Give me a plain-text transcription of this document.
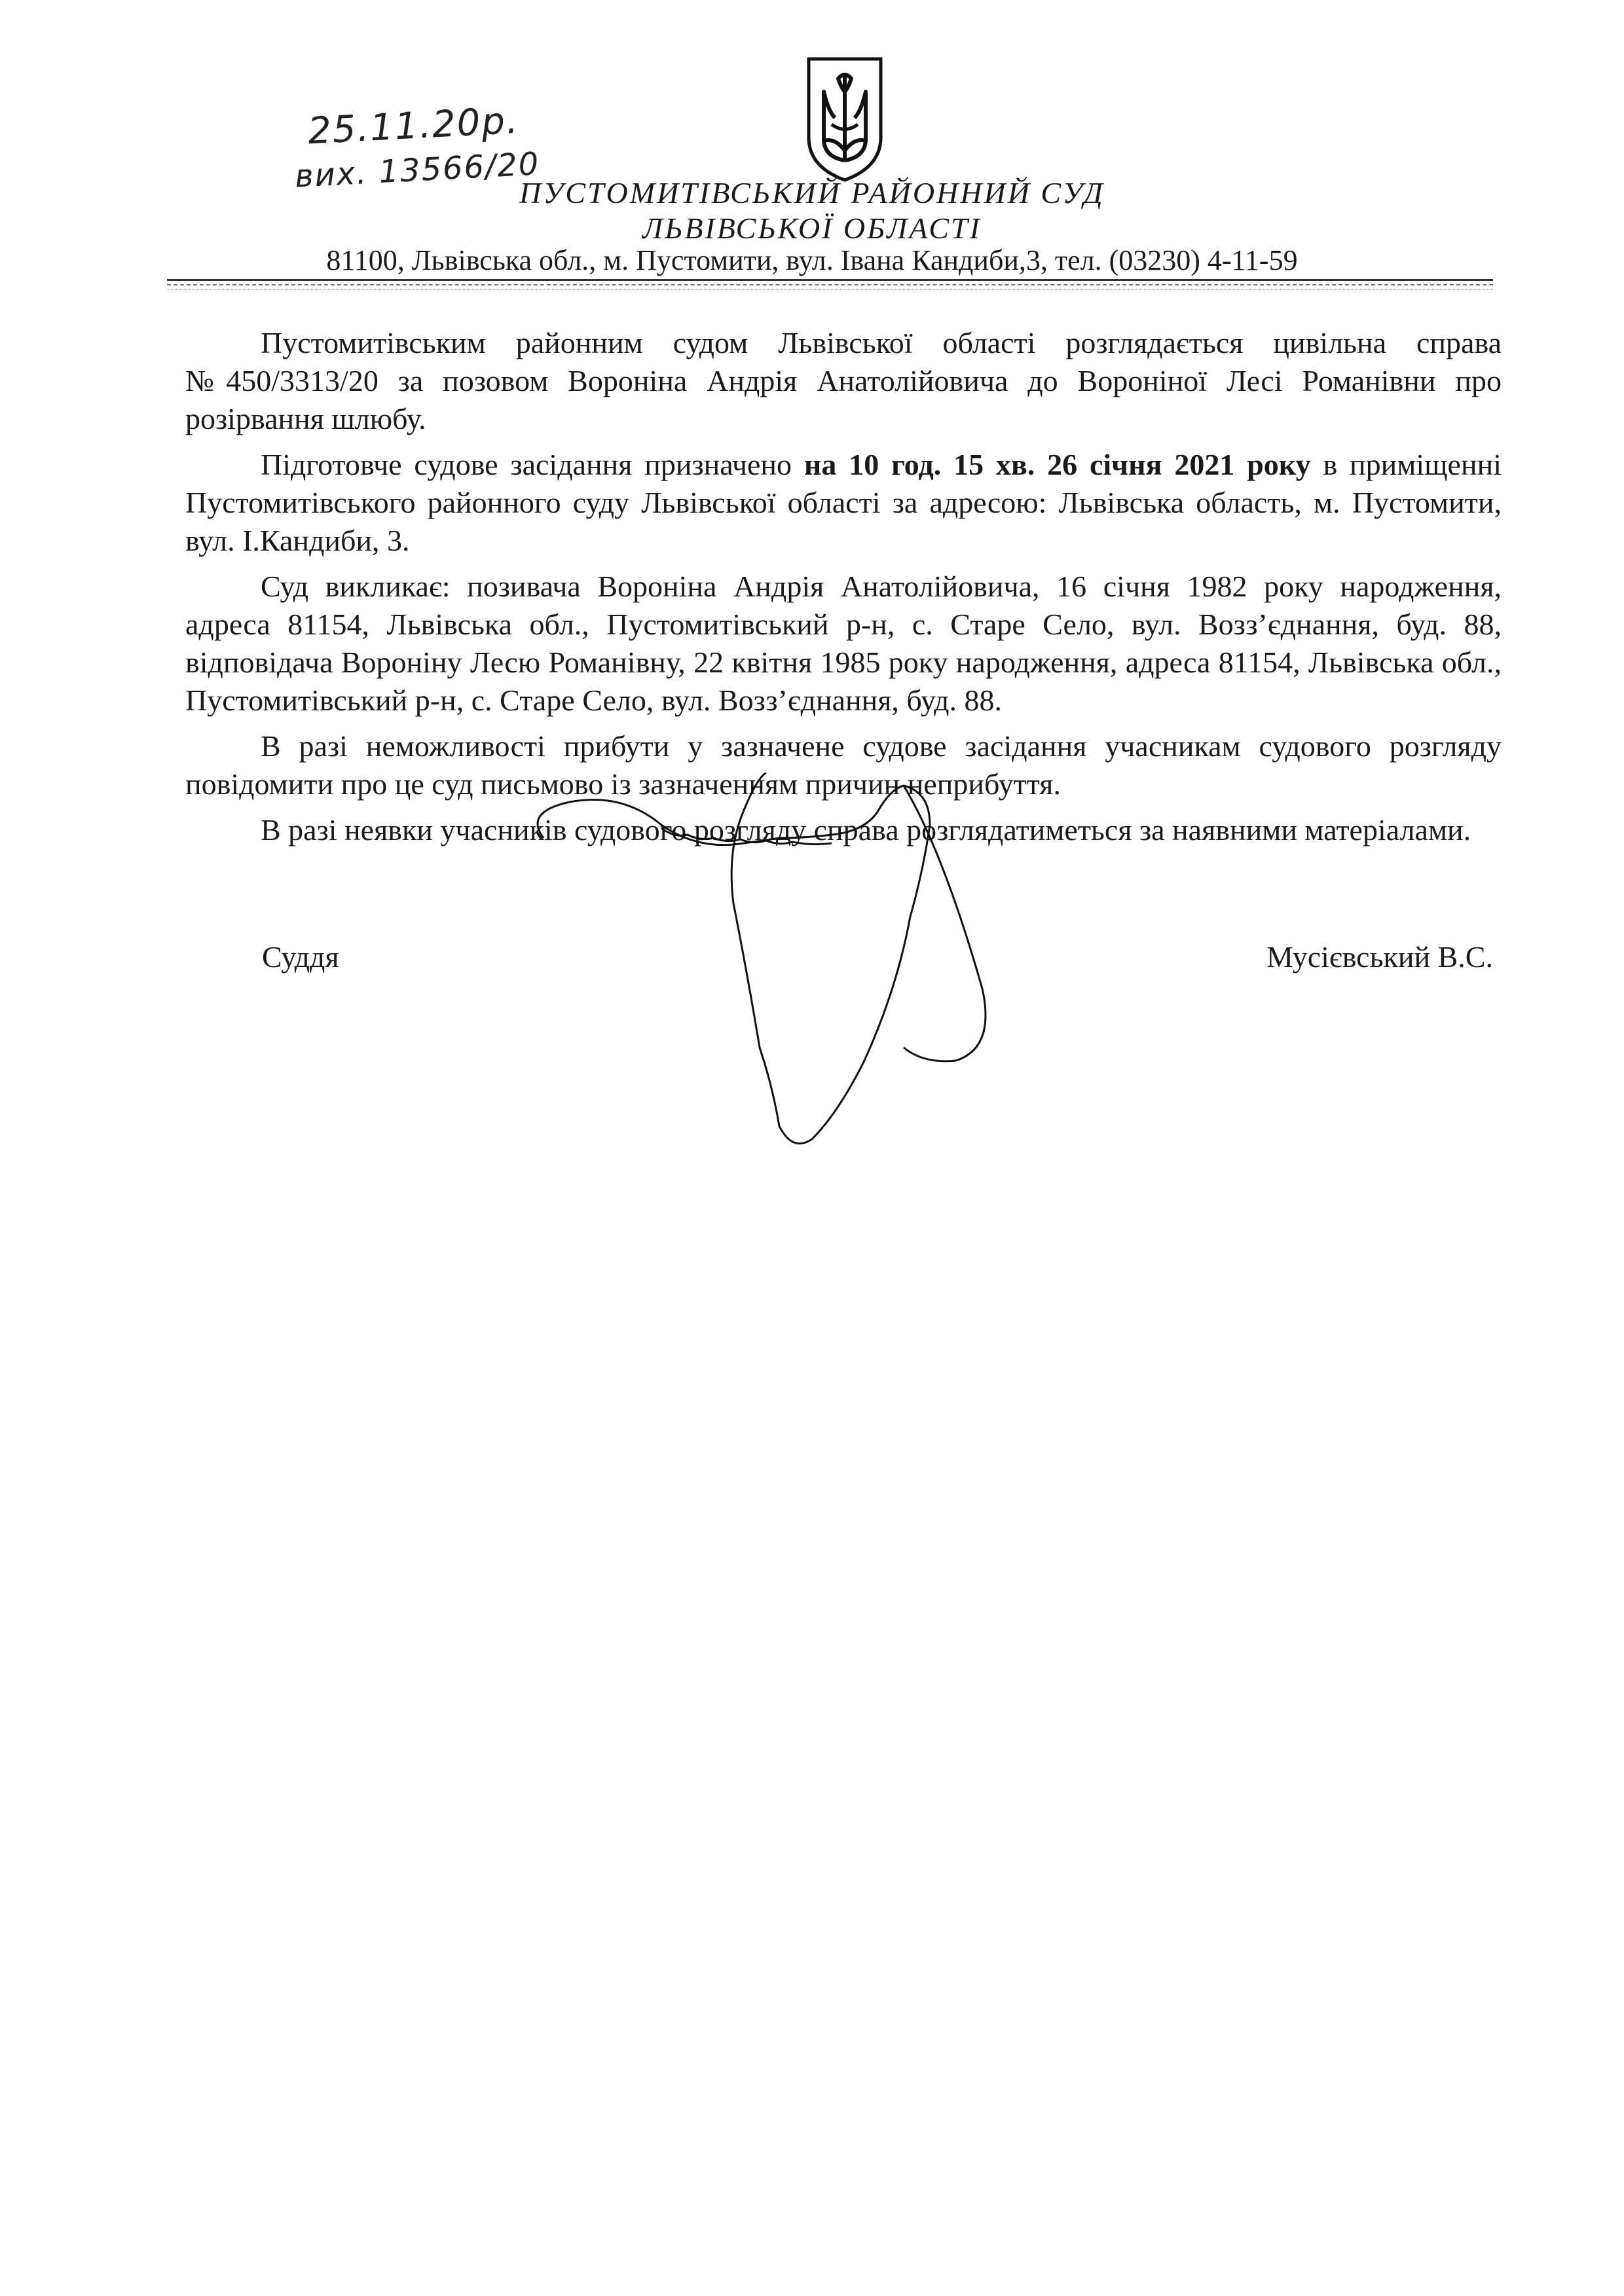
25.11.20р.
вих. 13566/20
ПУСТОМИТІВСЬКИЙ РАЙОННИЙ СУД
ЛЬВІВСЬКОЇ ОБЛАСТІ
81100, Львівська обл., м. Пустомити, вул. Івана Кандиби,3, тел. (03230) 4-11-59

Пустомитівським районним судом Львівської області розглядається цивільна справа №450/3313/20 за позовом Вороніна Андрія Анатолійовича до Вороніної Лесі Романівни про розірвання шлюбу.

Підготовче судове засідання призначено на 10 год. 15 хв. 26 січня 2021 року в приміщенні Пустомитівського районного суду Львівської області за адресою: Львівська область, м. Пустомити, вул. І.Кандиби, 3.

Суд викликає: позивача Вороніна Андрія Анатолійовича, 16 січня 1982 року народження, адреса 81154, Львівська обл., Пустомитівський р-н, с. Старе Село, вул. Возз’єднання, буд. 88, відповідача Вороніну Лесю Романівну, 22 квітня 1985 року народження, адреса 81154, Львівська обл., Пустомитівський р-н, с. Старе Село, вул. Возз’єднання, буд. 88.

В разі неможливості прибути у зазначене судове засідання учасникам судового розгляду повідомити про це суд письмово із зазначенням причин неприбуття.

В разі неявки учасників судового розгляду справа розглядатиметься за наявними матеріалами.

Суддя	Мусієвський В.С.
